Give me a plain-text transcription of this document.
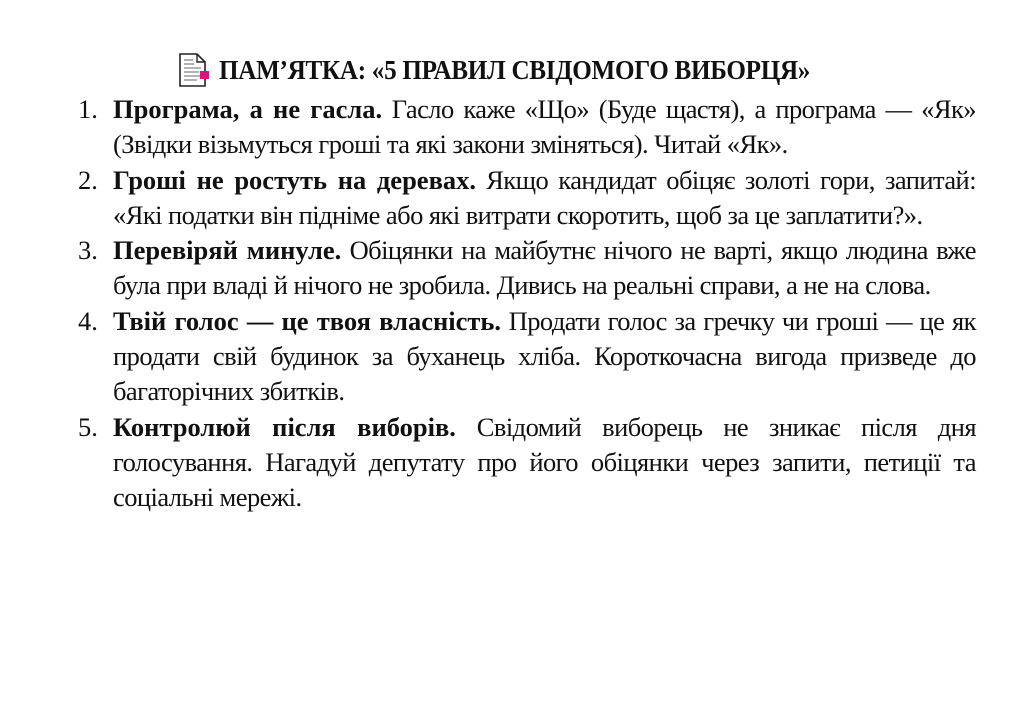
ПАМ’ЯТКА: «5 ПРАВИЛ СВІДОМОГО ВИБОРЦЯ»
1. Програма, а не гасла. Гасло каже «Що» (Буде щастя), а програма — «Як» (Звідки візьмуться гроші та які закони зміняться). Читай «Як».
2. Гроші не ростуть на деревах. Якщо кандидат обіцяє золоті гори, запитай: «Які податки він підніме або які витрати скоротить, щоб за це заплатити?».
3. Перевіряй минуле. Обіцянки на майбутнє нічого не варті, якщо людина вже була при владі й нічого не зробила. Дивись на реальні справи, а не на слова.
4. Твій голос — це твоя власність. Продати голос за гречку чи гроші — це як продати свій будинок за буханець хліба. Короткочасна вигода призведе до багаторічних збитків.
5. Контролюй після виборів. Свідомий виборець не зникає після дня голосування. Нагадуй депутату про його обіцянки через запити, петиції та соціальні мережі.
